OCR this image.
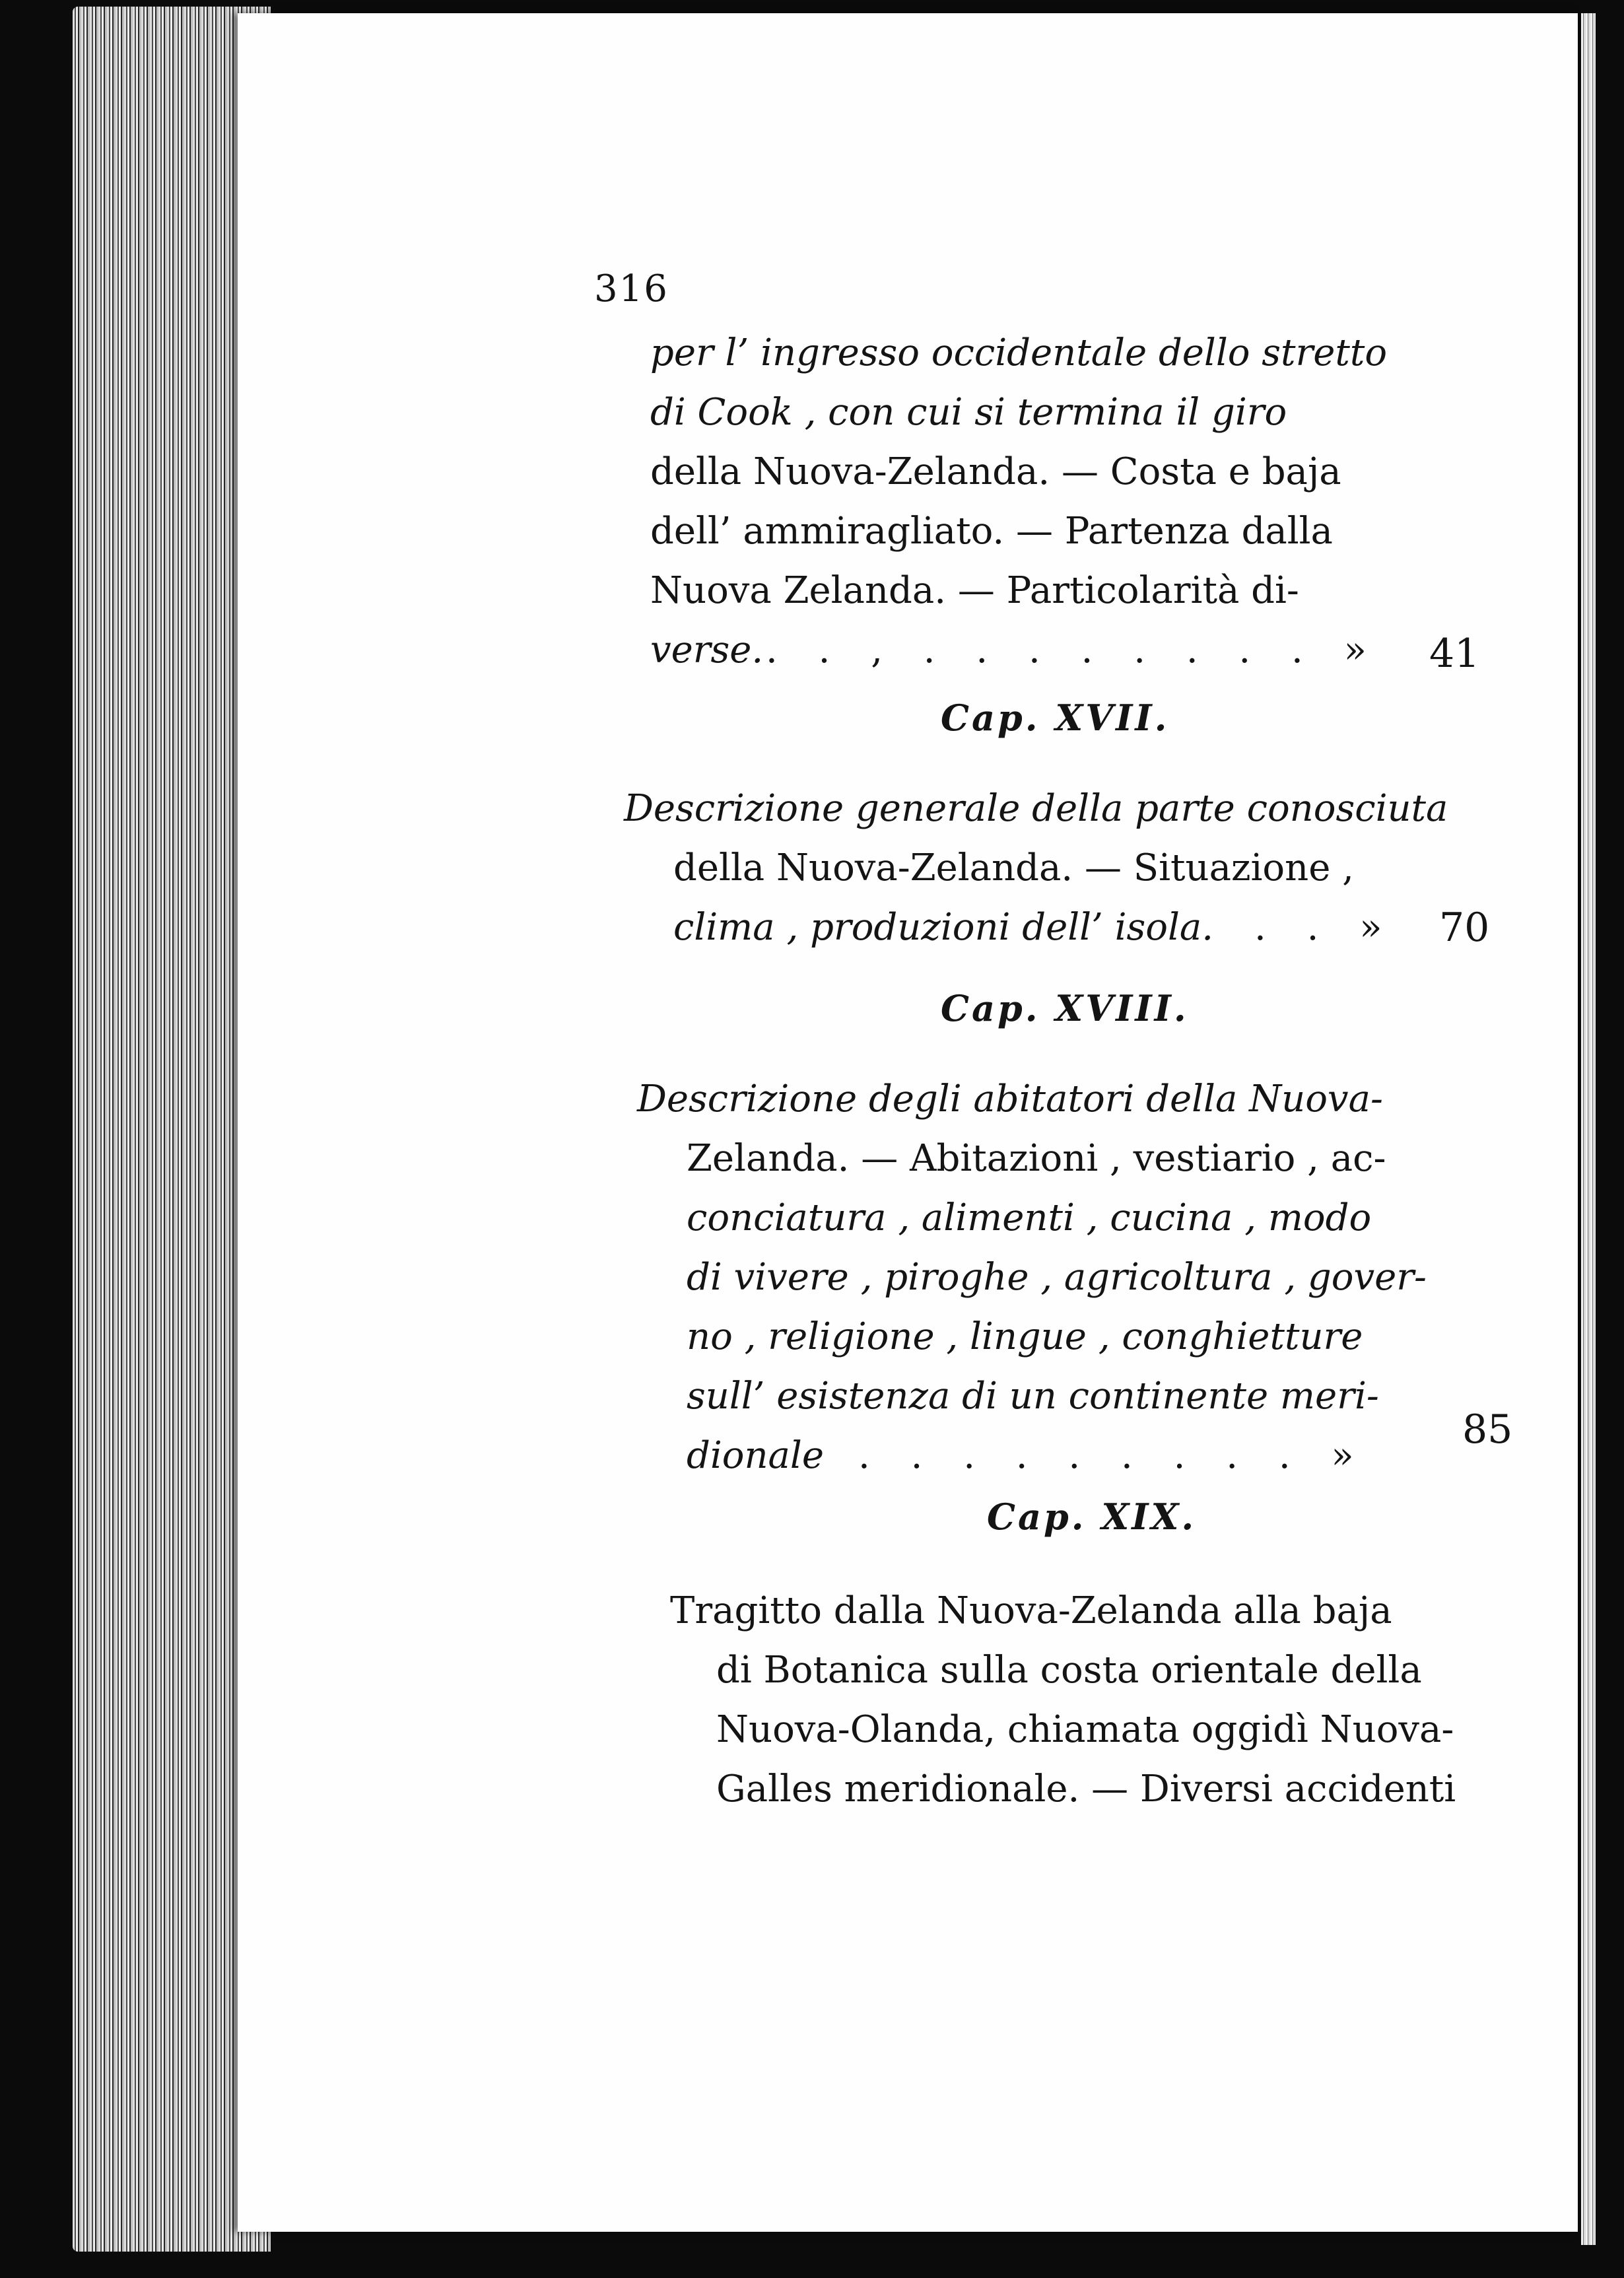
316
per l’ ingresso occidentale dello stretto
di Cook , con cui si termina il giro
della Nuova-Zelanda. — Costa e baja
dell’ ammiragliato. — Partenza dalla
Nuova Zelanda. — Particolarità di-
verse. . . , . . . . . . . . » 41
Cap. XVII.
Descrizione generale della parte conosciuta
della Nuova-Zelanda. — Situazione ,
clima , produzioni dell’ isola. . . » 70
Cap. XVIII.
Descrizione degli abitatori della Nuova-
Zelanda. — Abitazioni , vestiario , ac-
conciatura , alimenti , cucina , modo
di vivere , piroghe , agricoltura , gover-
no , religione , lingue , conghietture
sull’ esistenza di un continente meri-
dionale . . . . . . . . . »
85
Cap. XIX.
Tragitto dalla Nuova-Zelanda alla baja
di Botanica sulla costa orientale della
Nuova-Olanda, chiamata oggidì Nuova-
Galles meridionale. — Diversi accidenti
